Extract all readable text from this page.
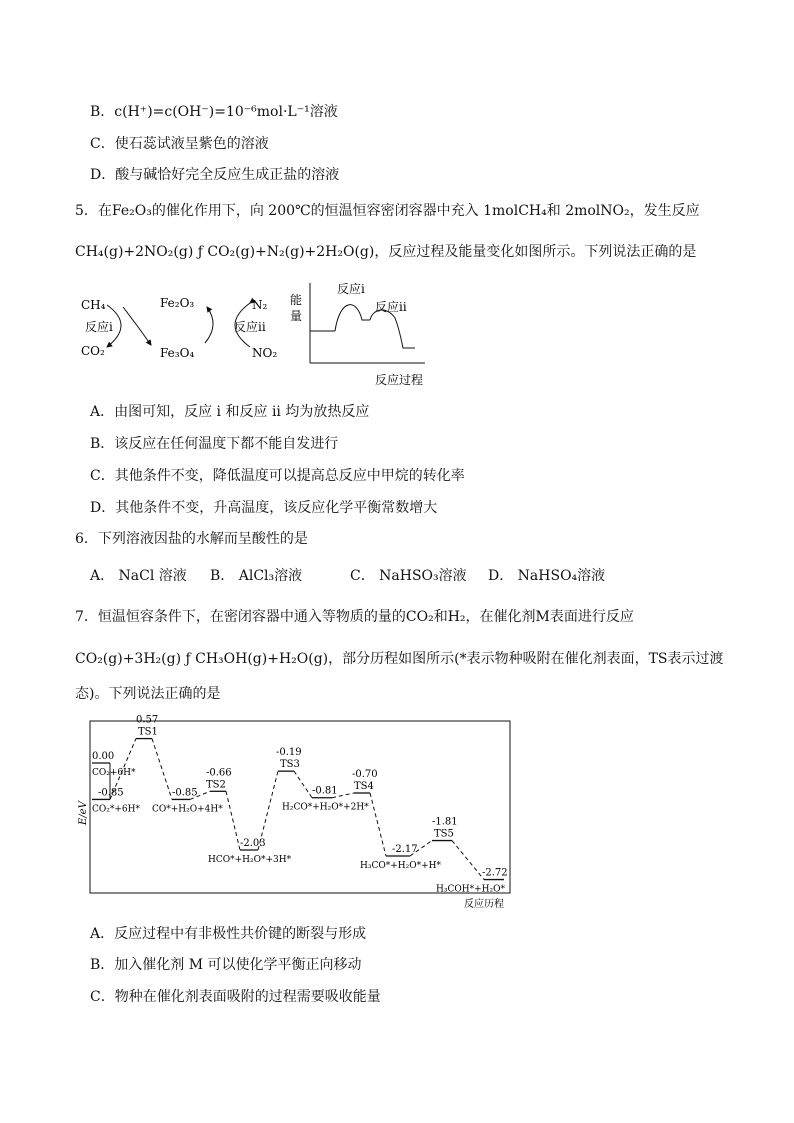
B．c(H⁺)=c(OH⁻)=10⁻⁶mol·L⁻¹溶液
C．使石蕊试液呈紫色的溶液
D．酸与碱恰好完全反应生成正盐的溶液
5．在Fe₂O₃的催化作用下，向 200℃的恒温恒容密闭容器中充入 1molCH₄和 2molNO₂，发生反应
CH₄(g)+2NO₂(g) ƒ CO₂(g)+N₂(g)+2H₂O(g)，反应过程及能量变化如图所示。下列说法正确的是
CH₄
反应i
CO₂
Fe₂O₃
Fe₃O₄
N₂
反应ii
NO₂
能
量
反应i
反应ii
反应过程
A．由图可知，反应 i 和反应 ii 均为放热反应
B．该反应在任何温度下都不能自发进行
C．其他条件不变，降低温度可以提高总反应中甲烷的转化率
D．其他条件不变，升高温度，该反应化学平衡常数增大
6．下列溶液因盐的水解而呈酸性的是
A． NaCl 溶液 B． AlCl₃溶液	C． NaHSO₃溶液 D． NaHSO₄溶液
7．恒温恒容条件下，在密闭容器中通入等物质的量的CO₂和H₂，在催化剂M表面进行反应
CO₂(g)+3H₂(g) ƒ CH₃OH(g)+H₂O(g)，部分历程如图所示(*表示物种吸附在催化剂表面，TS表示过渡
态)。下列说法正确的是
E/eV
反应历程
0.00
CO₂+6H*
-0.85
CO₂*+6H*
0.57
TS1
-0.85
CO*+H₂O+4H*
-0.66
TS2
-2.03
HCO*+H₂O*+3H*
-0.19
TS3
-0.81
H₂CO*+H₂O*+2H*
-0.70
TS4
-2.17
H₃CO*+H₂O*+H*
-1.81
TS5
-2.72
H₃COH*+H₂O*
A．反应过程中有非极性共价键的断裂与形成
B．加入催化剂 M 可以使化学平衡正向移动
C．物种在催化剂表面吸附的过程需要吸收能量
